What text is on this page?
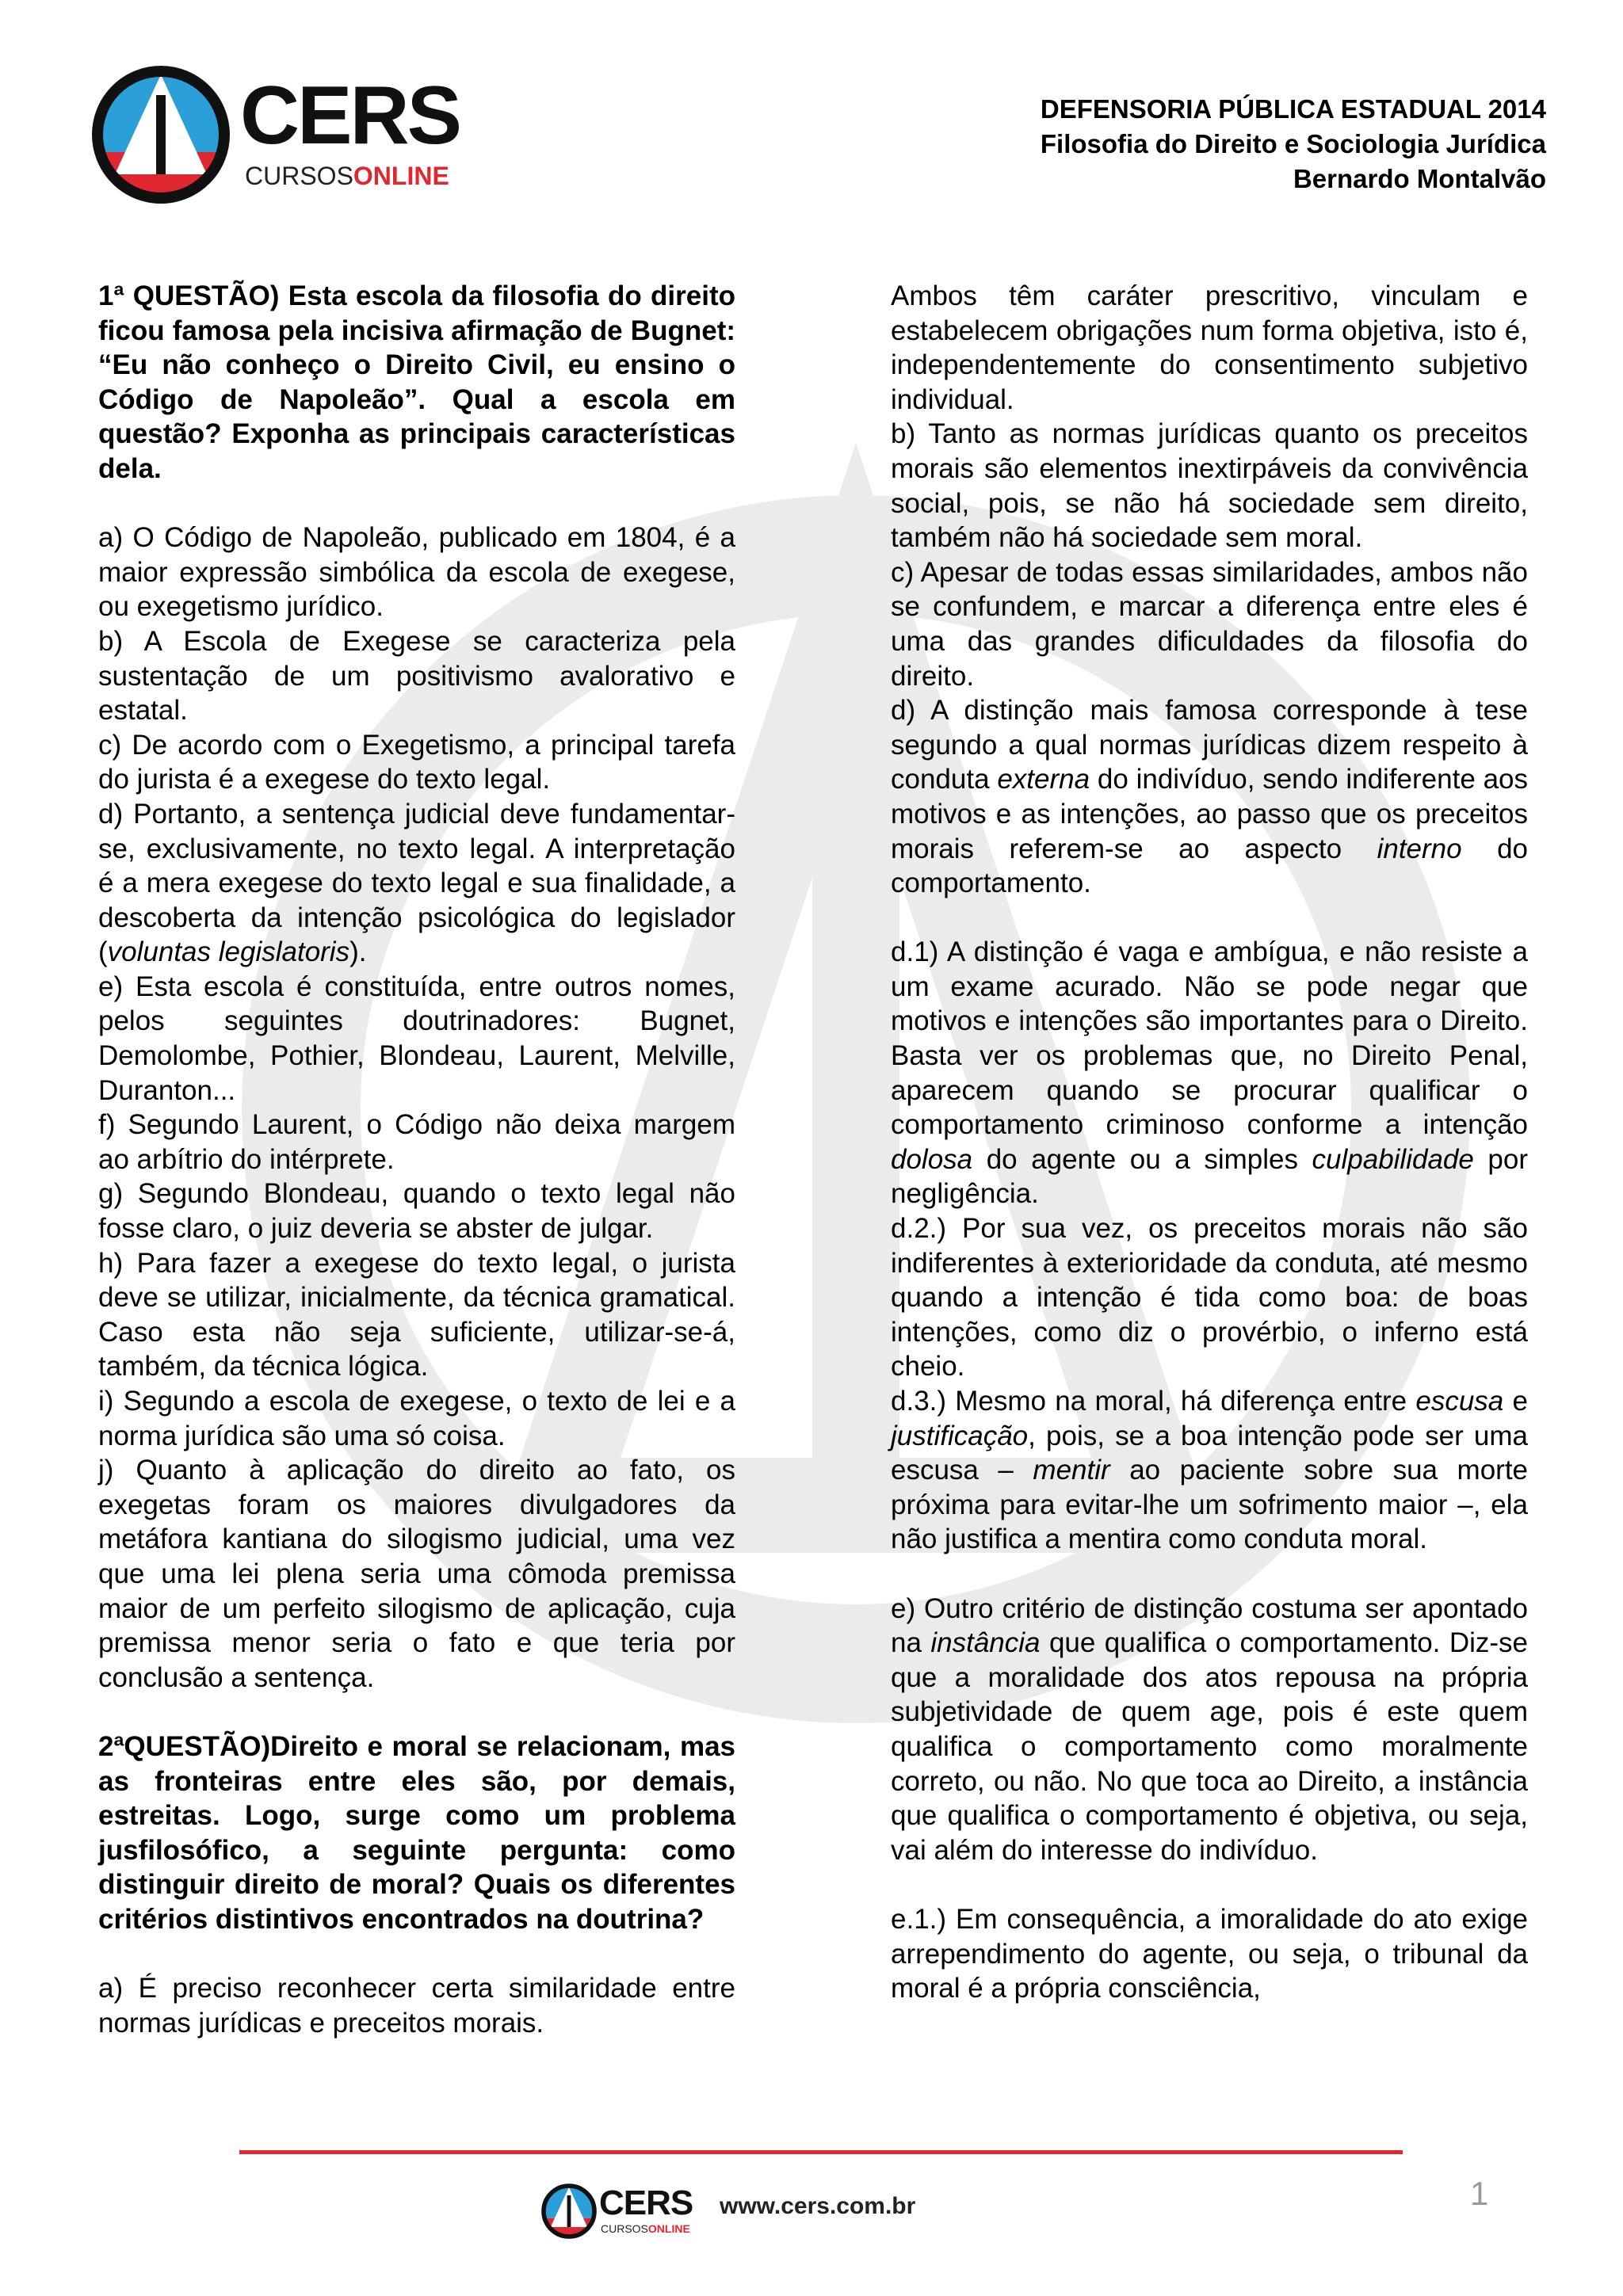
CERS
CURSOSONLINE
DEFENSORIA PÚBLICA ESTADUAL 2014
Filosofia do Direito e Sociologia Jurídica
Bernardo Montalvão

1ª QUESTÃO) Esta escola da filosofia do direito ficou famosa pela incisiva afirmação de Bugnet: “Eu não conheço o Direito Civil, eu ensino o Código de Napoleão”. Qual a escola em questão? Exponha as principais características dela.

a) O Código de Napoleão, publicado em 1804, é a maior expressão simbólica da escola de exegese, ou exegetismo jurídico.

b) A Escola de Exegese se caracteriza pela sustentação de um positivismo avalorativo e estatal.

c) De acordo com o Exegetismo, a principal tarefa do jurista é a exegese do texto legal.

d) Portanto, a sentença judicial deve fundamentar-se, exclusivamente, no texto legal. A interpretação é a mera exegese do texto legal e sua finalidade, a descoberta da intenção psicológica do legislador (voluntas legislatoris).

e) Esta escola é constituída, entre outros nomes, pelos seguintes doutrinadores: Bugnet, Demolombe, Pothier, Blondeau, Laurent, Melville, Duranton...

f) Segundo Laurent, o Código não deixa margem ao arbítrio do intérprete.

g) Segundo Blondeau, quando o texto legal não fosse claro, o juiz deveria se abster de julgar.

h) Para fazer a exegese do texto legal, o jurista deve se utilizar, inicialmente, da técnica gramatical. Caso esta não seja suficiente, utilizar-se-á, também, da técnica lógica.

i) Segundo a escola de exegese, o texto de lei e a norma jurídica são uma só coisa.

j) Quanto à aplicação do direito ao fato, os exegetas foram os maiores divulgadores da metáfora kantiana do silogismo judicial, uma vez que uma lei plena seria uma cômoda premissa maior de um perfeito silogismo de aplicação, cuja premissa menor seria o fato e que teria por conclusão a sentença.

2ªQUESTÃO)Direito e moral se relacionam, mas as fronteiras entre eles são, por demais, estreitas. Logo, surge como um problema jusfilosófico, a seguinte pergunta: como distinguir direito de moral? Quais os diferentes critérios distintivos encontrados na doutrina?

a) É preciso reconhecer certa similaridade entre normas jurídicas e preceitos morais.

Ambos têm caráter prescritivo, vinculam e estabelecem obrigações num forma objetiva, isto é, independentemente do consentimento subjetivo individual.

b) Tanto as normas jurídicas quanto os preceitos morais são elementos inextirpáveis da convivência social, pois, se não há sociedade sem direito, também não há sociedade sem moral.

c) Apesar de todas essas similaridades, ambos não se confundem, e marcar a diferença entre eles é uma das grandes dificuldades da filosofia do direito.

d) A distinção mais famosa corresponde à tese segundo a qual normas jurídicas dizem respeito à conduta externa do indivíduo, sendo indiferente aos motivos e as intenções, ao passo que os preceitos morais referem-se ao aspecto interno do comportamento.

d.1) A distinção é vaga e ambígua, e não resiste a um exame acurado. Não se pode negar que motivos e intenções são importantes para o Direito. Basta ver os problemas que, no Direito Penal, aparecem quando se procurar qualificar o comportamento criminoso conforme a intenção dolosa do agente ou a simples culpabilidade por negligência.

d.2.) Por sua vez, os preceitos morais não são indiferentes à exterioridade da conduta, até mesmo quando a intenção é tida como boa: de boas intenções, como diz o provérbio, o inferno está cheio.

d.3.) Mesmo na moral, há diferença entre escusa e justificação, pois, se a boa intenção pode ser uma escusa – mentir ao paciente sobre sua morte próxima para evitar-lhe um sofrimento maior –, ela não justifica a mentira como conduta moral.

e) Outro critério de distinção costuma ser apontado na instância que qualifica o comportamento. Diz-se que a moralidade dos atos repousa na própria subjetividade de quem age, pois é este quem qualifica o comportamento como moralmente correto, ou não. No que toca ao Direito, a instância que qualifica o comportamento é objetiva, ou seja, vai além do interesse do indivíduo.

e.1.) Em consequência, a imoralidade do ato exige arrependimento do agente, ou seja, o tribunal da moral é a própria consciência,

CERS
CURSOSONLINE
www.cers.com.br	1
